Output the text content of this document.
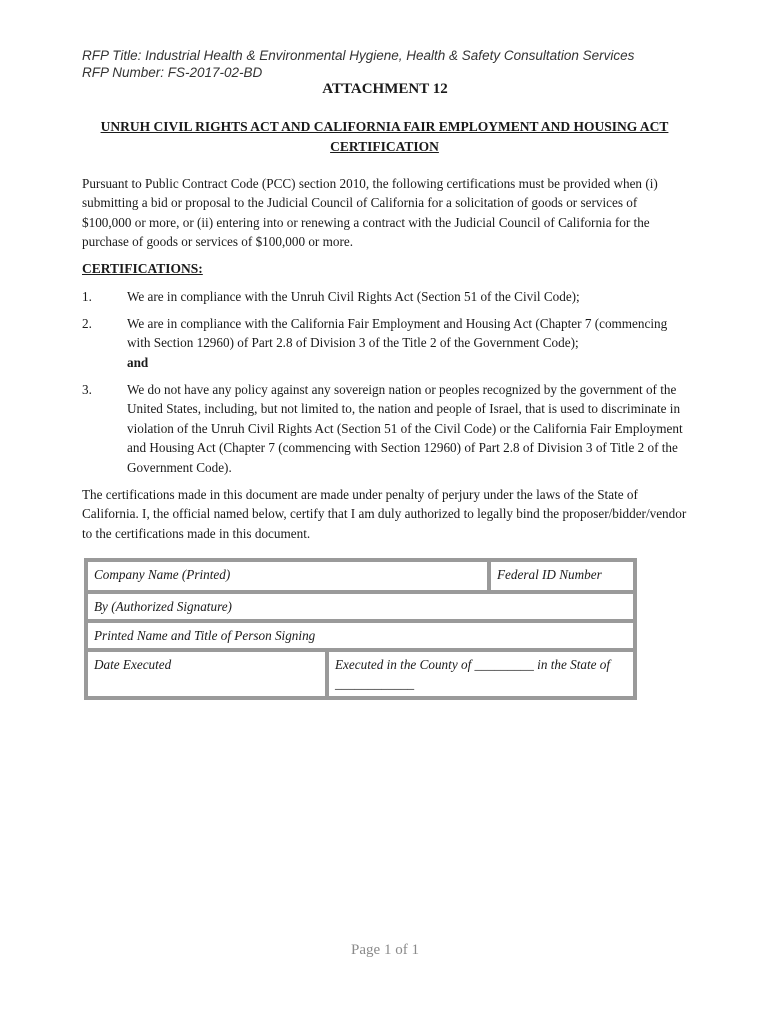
RFP Title: Industrial Health & Environmental Hygiene, Health & Safety Consultation Services
RFP Number: FS-2017-02-BD
ATTACHMENT 12
UNRUH CIVIL RIGHTS ACT AND CALIFORNIA FAIR EMPLOYMENT AND HOUSING ACT
CERTIFICATION

Pursuant to Public Contract Code (PCC) section 2010, the following certifications must be provided when (i) submitting a bid or proposal to the Judicial Council of California for a solicitation of goods or services of $100,000 or more, or (ii) entering into or renewing a contract with the Judicial Council of California for the purchase of goods or services of $100,000 or more.

CERTIFICATIONS:
1.	We are in compliance with the Unruh Civil Rights Act (Section 51 of the Civil Code);
2.	We are in compliance with the California Fair Employment and Housing Act (Chapter 7 (commencing with Section 12960) of Part 2.8 of Division 3 of the Title 2 of the Government Code);
and
3.	We do not have any policy against any sovereign nation or peoples recognized by the government of the United States, including, but not limited to, the nation and people of Israel, that is used to discriminate in violation of the Unruh Civil Rights Act (Section 51 of the Civil Code) or the California Fair Employment and Housing Act (Chapter 7 (commencing with Section 12960) of Part 2.8 of Division 3 of Title 2 of the Government Code).

The certifications made in this document are made under penalty of perjury under the laws of the State of California. I, the official named below, certify that I am duly authorized to legally bind the proposer/bidder/vendor to the certifications made in this document.

Company Name (Printed)		Federal ID Number
By (Authorized Signature)		
Printed Name and Title of Person Signing		
Date Executed	Executed in the County of _________ in the State of ____________	
Page 1 of 1
